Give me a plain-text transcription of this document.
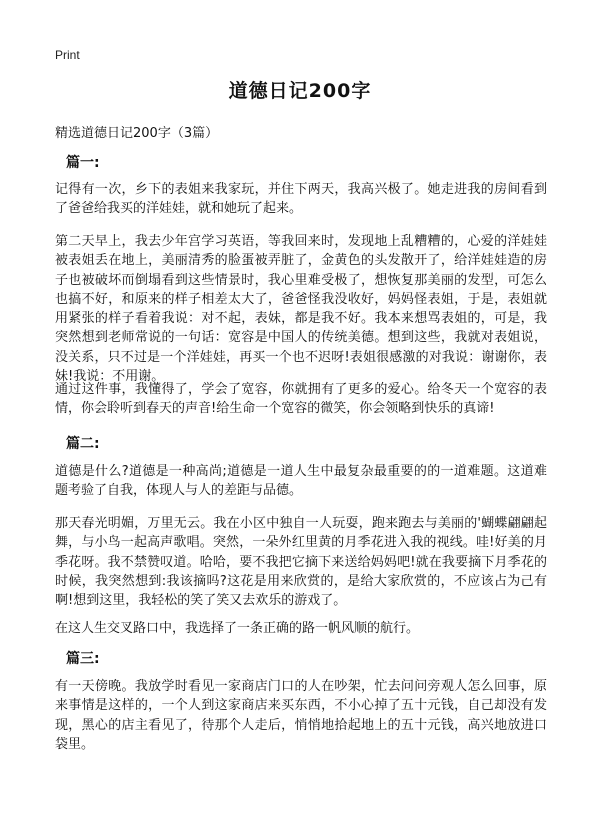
Print
道德日记200字
精选道德日记200字（3篇）
篇一:
记得有一次，乡下的表姐来我家玩，并住下两天，我高兴极了。她走进我的房间看到了爸爸给我买的洋娃娃，就和她玩了起来。
第二天早上，我去少年宫学习英语，等我回来时，发现地上乱糟糟的，心爱的洋娃娃被表姐丢在地上，美丽清秀的脸蛋被弄脏了，金黄色的头发散开了，给洋娃娃造的房子也被破坏而倒塌看到这些情景时，我心里难受极了，想恢复那美丽的发型，可怎么也搞不好，和原来的样子相差太大了，爸爸怪我没收好，妈妈怪表姐，于是，表姐就用紧张的样子看着我说：对不起，表妹，都是我不好。我本来想骂表姐的，可是，我突然想到老师常说的一句话：宽容是中国人的传统美德。想到这些，我就对表姐说，没关系，只不过是一个洋娃娃，再买一个也不迟呀!表姐很感激的对我说：谢谢你，表妹!我说：不用谢。
通过这件事，我懂得了，学会了宽容，你就拥有了更多的爱心。给冬天一个宽容的表情，你会聆听到春天的声音!给生命一个宽容的微笑，你会领略到快乐的真谛!
篇二:
道德是什么?道德是一种高尚;道德是一道人生中最复杂最重要的的一道难题。这道难题考验了自我，体现人与人的差距与品德。
那天春光明媚，万里无云。我在小区中独自一人玩耍，跑来跑去与美丽的'蝴蝶翩翩起舞，与小鸟一起高声歌唱。突然，一朵外红里黄的月季花进入我的视线。哇!好美的月季花呀。我不禁赞叹道。哈哈，要不我把它摘下来送给妈妈吧!就在我要摘下月季花的时候，我突然想到:我该摘吗?这花是用来欣赏的，是给大家欣赏的，不应该占为己有啊!想到这里，我轻松的笑了笑又去欢乐的游戏了。
在这人生交叉路口中，我选择了一条正确的路一帆风顺的航行。
篇三:
有一天傍晚。我放学时看见一家商店门口的人在吵架，忙去问问旁观人怎么回事，原来事情是这样的，一个人到这家商店来买东西，不小心掉了五十元钱，自己却没有发现，黑心的店主看见了，待那个人走后，悄悄地拾起地上的五十元钱，高兴地放进口袋里。
